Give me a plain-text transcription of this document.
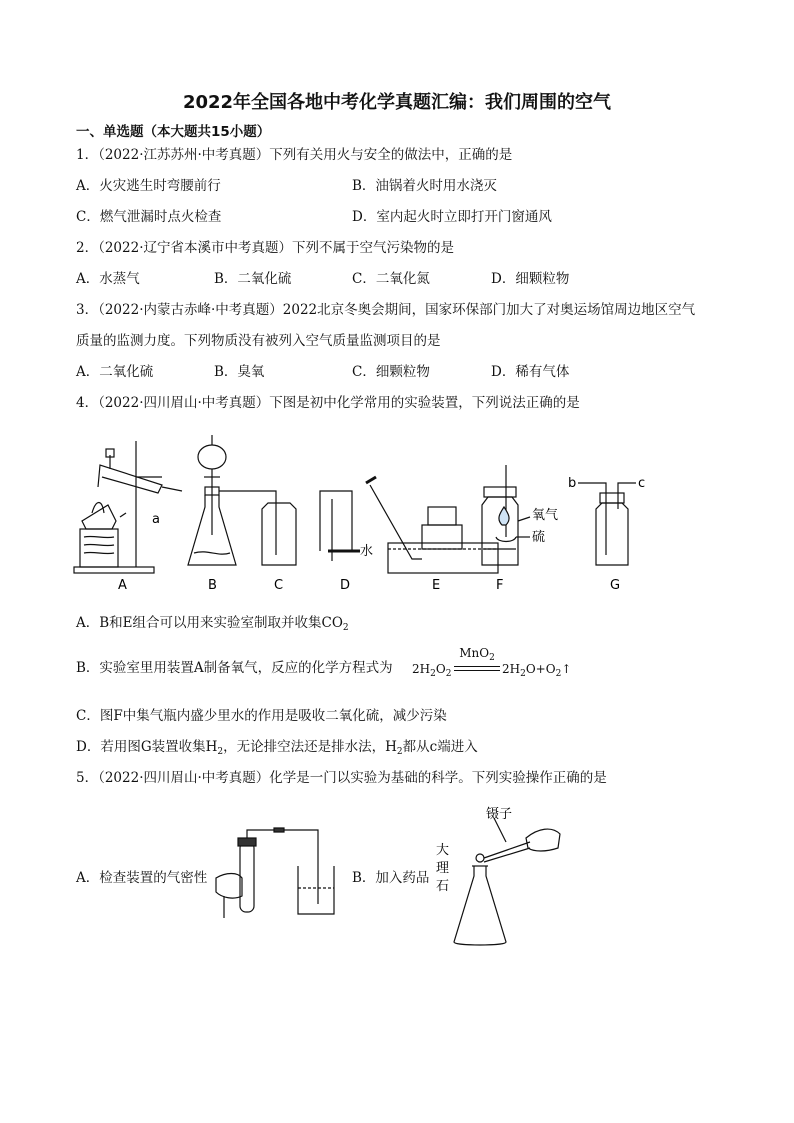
2022年全国各地中考化学真题汇编：我们周围的空气
一、单选题（本大题共15小题）
1．（2022·江苏苏州·中考真题）下列有关用火与安全的做法中，正确的是
A．火灾逃生时弯腰前行	B．油锅着火时用水浇灭
C．燃气泄漏时点火检查	D．室内起火时立即打开门窗通风
2．（2022·辽宁省本溪市中考真题）下列不属于空气污染物的是
A．水蒸气	B．二氧化硫	C．二氧化氮	D．细颗粒物
3．（2022·内蒙古赤峰·中考真题）2022北京冬奥会期间，国家环保部门加大了对奥运场馆周边地区空气
质量的监测力度。下列物质没有被列入空气质量监测项目的是
A．二氧化硫	B．臭氧	C．细颗粒物	D．稀有气体
4．（2022·四川眉山·中考真题）下图是初中化学常用的实验装置，下列说法正确的是
a
水
氧气
硫
b	c
A	B	C	D	E	F	G
A．B和E组合可以用来实验室制取并收集$CO_2$
B．实验室里用装置A制备氧气，反应的化学方程式为 $2H_2O_2$
MnO$_2$
$2H_2O+O_2↑$
C．图F中集气瓶内盛少里水的作用是吸收二氧化硫，减少污染
D．若用图G装置收集$H_2$，无论排空法还是排水法，$H_2$都从c端进入
5．（2022·四川眉山·中考真题）化学是一门以实验为基础的科学。下列实验操作正确的是
A．检查装置的气密性	B．加入药品
镊子
大
理
石
